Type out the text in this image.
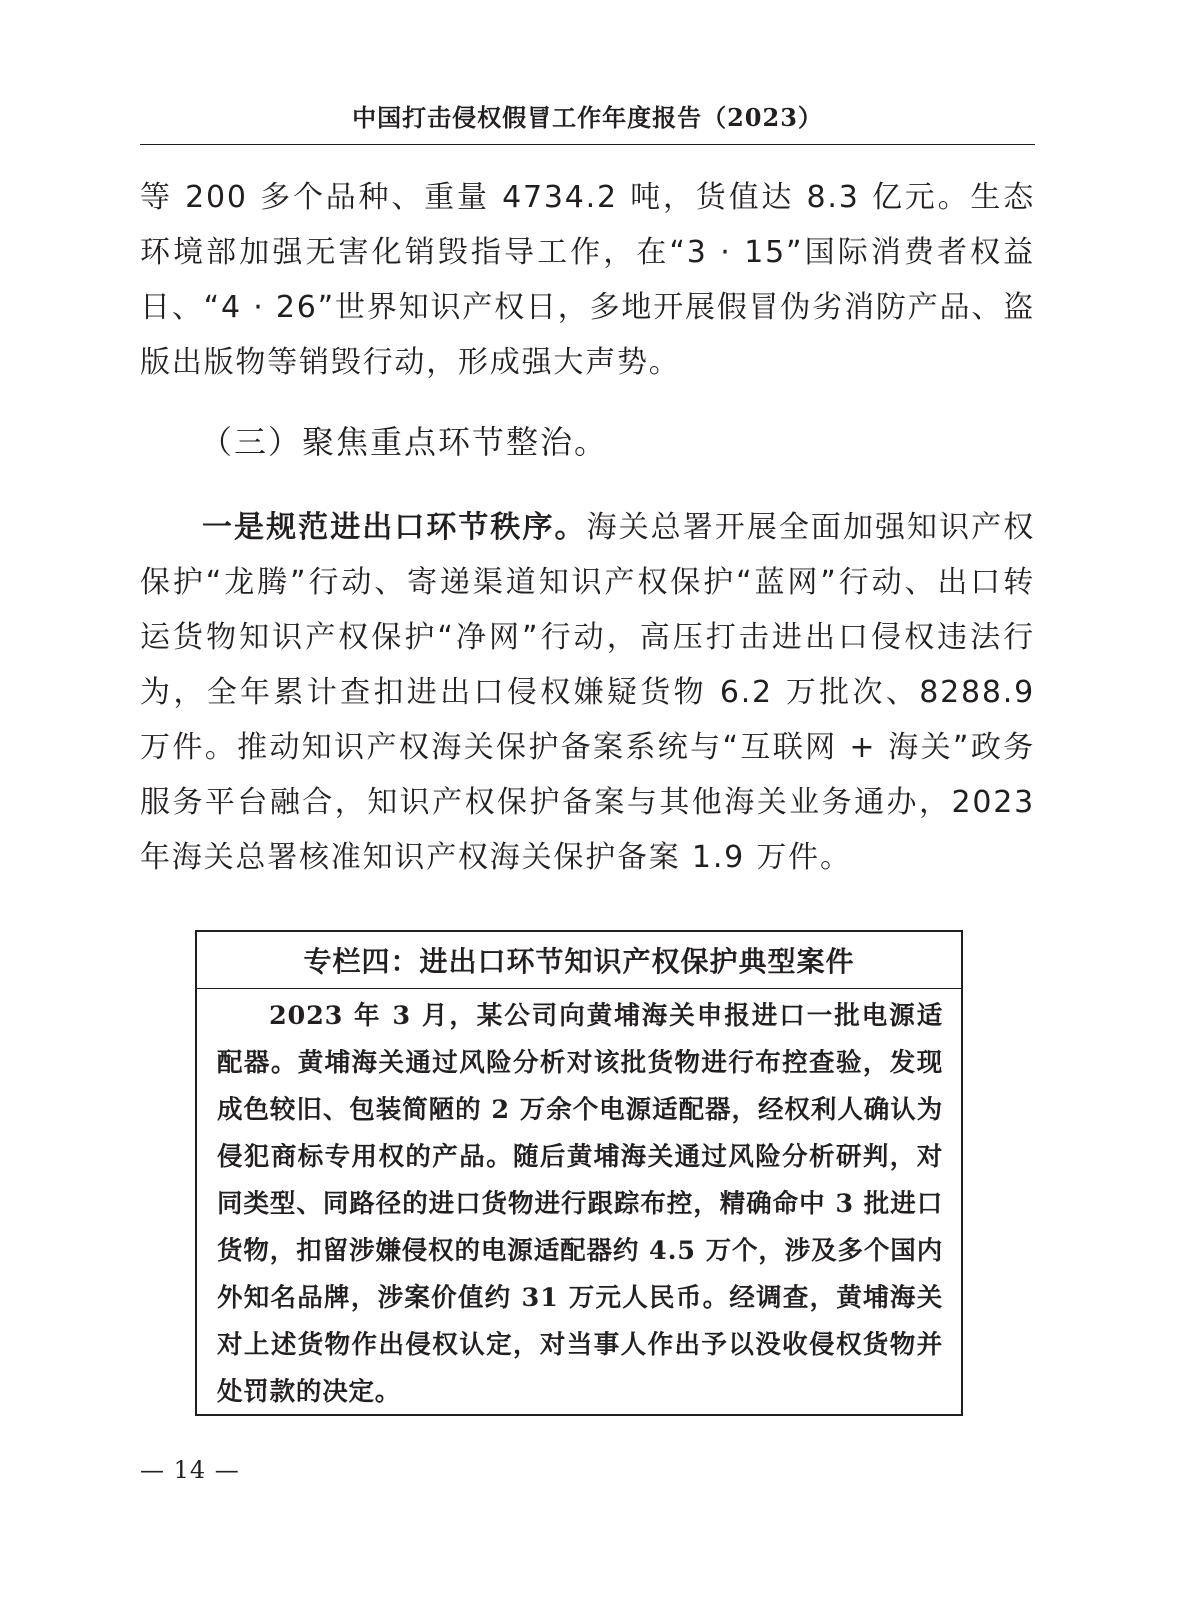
中国打击侵权假冒工作年度报告（2023）

等 200 多个品种、重量 4734.2 吨，货值达 8.3 亿元。生态环境部加强无害化销毁指导工作，在“3 · 15”国际消费者权益日、“4 · 26”世界知识产权日，多地开展假冒伪劣消防产品、盗版出版物等销毁行动，形成强大声势。

（三）聚焦重点环节整治。

一是规范进出口环节秩序。海关总署开展全面加强知识产权保护“龙腾”行动、寄递渠道知识产权保护“蓝网”行动、出口转运货物知识产权保护“净网”行动，高压打击进出口侵权违法行为，全年累计查扣进出口侵权嫌疑货物 6.2 万批次、8288.9 万件。推动知识产权海关保护备案系统与“互联网 + 海关”政务服务平台融合，知识产权保护备案与其他海关业务通办，2023 年海关总署核准知识产权海关保护备案 1.9 万件。

专栏四：进出口环节知识产权保护典型案件
2023 年 3 月，某公司向黄埔海关申报进口一批电源适配器。黄埔海关通过风险分析对该批货物进行布控查验，发现成色较旧、包装简陋的 2 万余个电源适配器，经权利人确认为侵犯商标专用权的产品。随后黄埔海关通过风险分析研判，对同类型、同路径的进口货物进行跟踪布控，精确命中 3 批进口货物，扣留涉嫌侵权的电源适配器约 4.5 万个，涉及多个国内外知名品牌，涉案价值约 31 万元人民币。经调查，黄埔海关对上述货物作出侵权认定，对当事人作出予以没收侵权货物并处罚款的决定。
— 14 —
